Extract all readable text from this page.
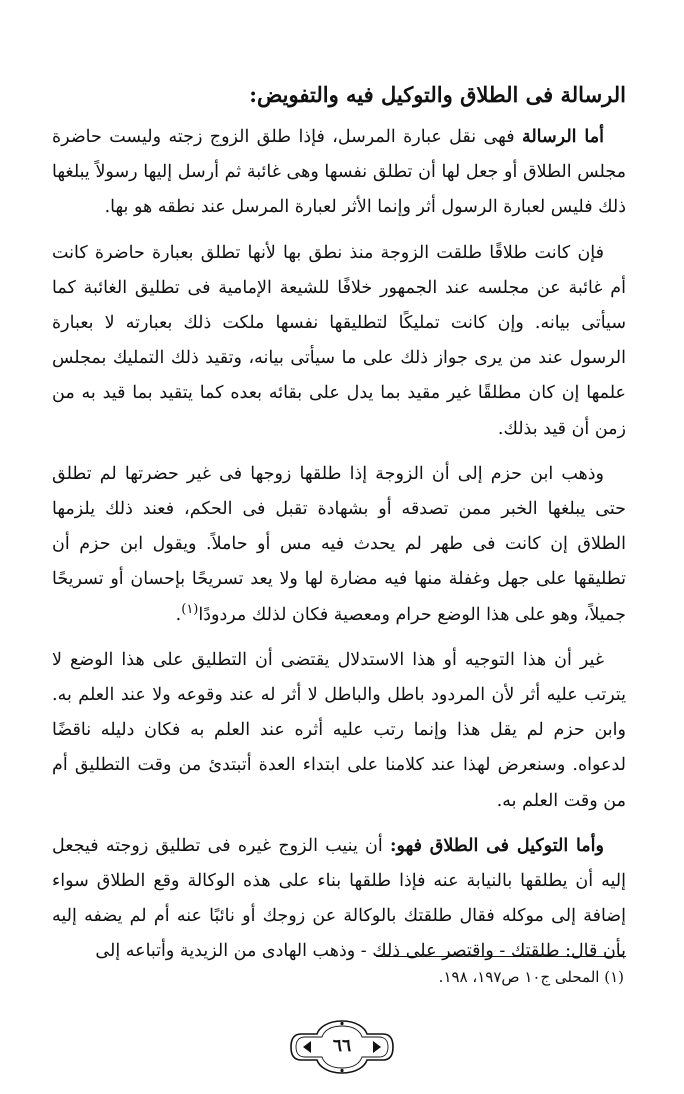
الرسالة فى الطلاق والتوكيل فيه والتفويض:

أما الرسالة فهى نقل عبارة المرسل، فإذا طلق الزوج زجته وليست حاضرة مجلس الطلاق أو جعل لها أن تطلق نفسها وهى غائبة ثم أرسل إليها رسولاً يبلغها ذلك فليس لعبارة الرسول أثر وإنما الأثر لعبارة المرسل عند نطقه هو بها.

فإن كانت طلاقًا طلقت الزوجة منذ نطق بها لأنها تطلق بعبارة حاضرة كانت أم غائبة عن مجلسه عند الجمهور خلافًا للشيعة الإمامية فى تطليق الغائبة كما سيأتى بيانه. وإن كانت تمليكًا لتطليقها نفسها ملكت ذلك بعبارته لا بعبارة الرسول عند من يرى جواز ذلك على ما سيأتى بيانه، وتقيد ذلك التمليك بمجلس علمها إن كان مطلقًا غير مقيد بما يدل على بقائه بعده كما يتقيد بما قيد به من زمن أن قيد بذلك.

وذهب ابن حزم إلى أن الزوجة إذا طلقها زوجها فى غير حضرتها لم تطلق حتى يبلغها الخبر ممن تصدقه أو بشهادة تقبل فى الحكم، فعند ذلك يلزمها الطلاق إن كانت فى طهر لم يحدث فيه مس أو حاملاً. ويقول ابن حزم أن تطليقها على جهل وغفلة منها فيه مضارة لها ولا يعد تسريحًا بإحسان أو تسريحًا جميلاً، وهو على هذا الوضع حرام ومعصية فكان لذلك مردودًا$^{(١)}$.

غير أن هذا التوجيه أو هذا الاستدلال يقتضى أن التطليق على هذا الوضع لا يترتب عليه أثر لأن المردود باطل والباطل لا أثر له عند وقوعه ولا عند العلم به. وابن حزم لم يقل هذا وإنما رتب عليه أثره عند العلم به فكان دليله ناقضًا لدعواه. وسنعرض لهذا عند كلامنا على ابتداء العدة أتبتدئ من وقت التطليق أم من وقت العلم به.

وأما التوكيل فى الطلاق فهو: أن ينيب الزوج غيره فى تطليق زوجته فيجعل إليه أن يطلقها بالنيابة عنه فإذا طلقها بناء على هذه الوكالة وقع الطلاق سواء إضافة إلى موكله فقال طلقتك بالوكالة عن زوجك أو نائبًا عنه أم لم يضفه إليه بأن قال: طلقتك - واقتصر على ذلك - وذهب الهادى من الزيدية وأتباعه إلى

(١) المحلى ج١٠ ص١٩٧، ١٩٨.
٦٦
